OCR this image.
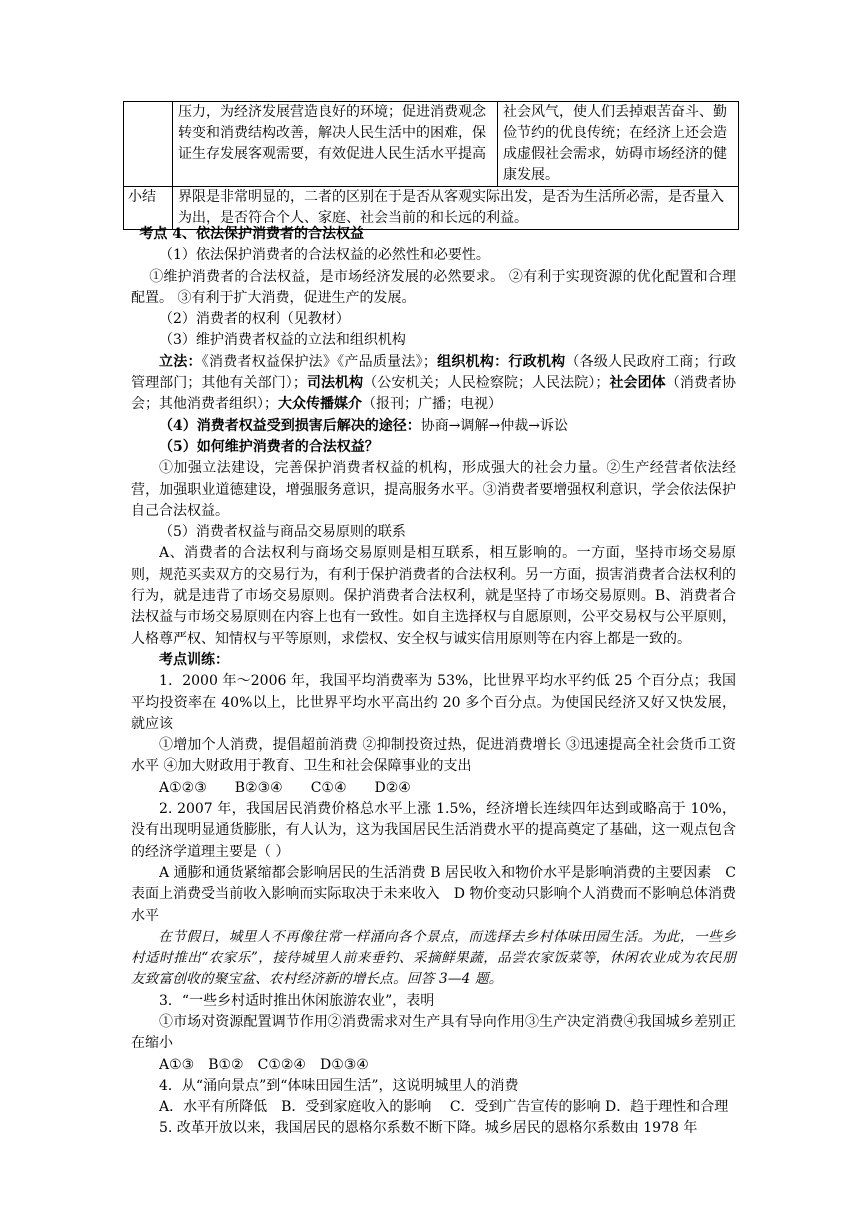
	压力，为经济发展营造良好的环境；促进消费观念转变和消费结构改善，解决人民生活中的困难，保证生存发展客观需要，有效促进人民生活水平提高	社会风气，使人们丢掉艰苦奋斗、勤俭节约的优良传统；在经济上还会造成虚假社会需求，妨碍市场经济的健康发展。
小结	界限是非常明显的，二者的区别在于是否从客观实际出发，是否为生活所必需，是否量入为出，是否符合个人、家庭、社会当前的和长远的利益。	

考点 4、依法保护消费者的合法权益

（1）依法保护消费者的合法权益的必然性和必要性。

①维护消费者的合法权益，是市场经济发展的必然要求。 ②有利于实现资源的优化配置和合理配置。 ③有利于扩大消费，促进生产的发展。

（2）消费者的权利（见教材）

（3）维护消费者权益的立法和组织机构

立法：《消费者权益保护法》《产品质量法》；组织机构：行政机构（各级人民政府工商；行政管理部门；其他有关部门）；司法机构（公安机关；人民检察院；人民法院）；社会团体（消费者协会；其他消费者组织）；大众传播媒介（报刊；广播；电视）

（4）消费者权益受到损害后解决的途径：协商→调解→仲裁→诉讼

（5）如何维护消费者的合法权益？

①加强立法建设，完善保护消费者权益的机构，形成强大的社会力量。②生产经营者依法经营，加强职业道德建设，增强服务意识，提高服务水平。③消费者要增强权利意识，学会依法保护自己合法权益。

（5）消费者权益与商品交易原则的联系

A、消费者的合法权利与商场交易原则是相互联系，相互影响的。一方面，坚持市场交易原则，规范买卖双方的交易行为，有利于保护消费者的合法权利。另一方面，损害消费者合法权利的行为，就是违背了市场交易原则。保护消费者合法权利，就是坚持了市场交易原则。B、消费者合法权益与市场交易原则在内容上也有一致性。如自主选择权与自愿原则，公平交易权与公平原则，人格尊严权、知情权与平等原则，求偿权、安全权与诚实信用原则等在内容上都是一致的。

考点训练：

1．2000 年～2006 年，我国平均消费率为 53%，比世界平均水平约低 25 个百分点；我国平均投资率在 40%以上，比世界平均水平高出约 20 多个百分点。为使国民经济又好又快发展，就应该

①增加个人消费，提倡超前消费 ②抑制投资过热，促进消费增长 ③迅速提高全社会货币工资水平 ④加大财政用于教育、卫生和社会保障事业的支出

A①②③　　B②③④　　C①④　　D②④

2. 2007 年，我国居民消费价格总水平上涨 1.5%，经济增长连续四年达到或略高于 10%，没有出现明显通货膨胀，有人认为，这为我国居民生活消费水平的提高奠定了基础，这一观点包含的经济学道理主要是（ ）

A 通膨和通货紧缩都会影响居民的生活消费 B 居民收入和物价水平是影响消费的主要因素　C 表面上消费受当前收入影响而实际取决于未来收入　D 物价变动只影响个人消费而不影响总体消费水平

在节假日，城里人不再像往常一样涌向各个景点，而选择去乡村体味田园生活。为此，一些乡村适时推出“农家乐”，接待城里人前来垂钓、采摘鲜果蔬，品尝农家饭菜等，休闲农业成为农民朋友致富创收的聚宝盆、农村经济新的增长点。回答 3—4 题。

3．“一些乡村适时推出休闲旅游农业”，表明

①市场对资源配置调节作用②消费需求对生产具有导向作用③生产决定消费④我国城乡差别正在缩小

A①③　B①②　C①②④　D①③④

4．从“涌向景点”到“体味田园生活”，这说明城里人的消费

A．水平有所降低　B．受到家庭收入的影响　 C．受到广告宣传的影响 D．趋于理性和合理

5. 改革开放以来，我国居民的恩格尔系数不断下降。城乡居民的恩格尔系数由 1978 年
